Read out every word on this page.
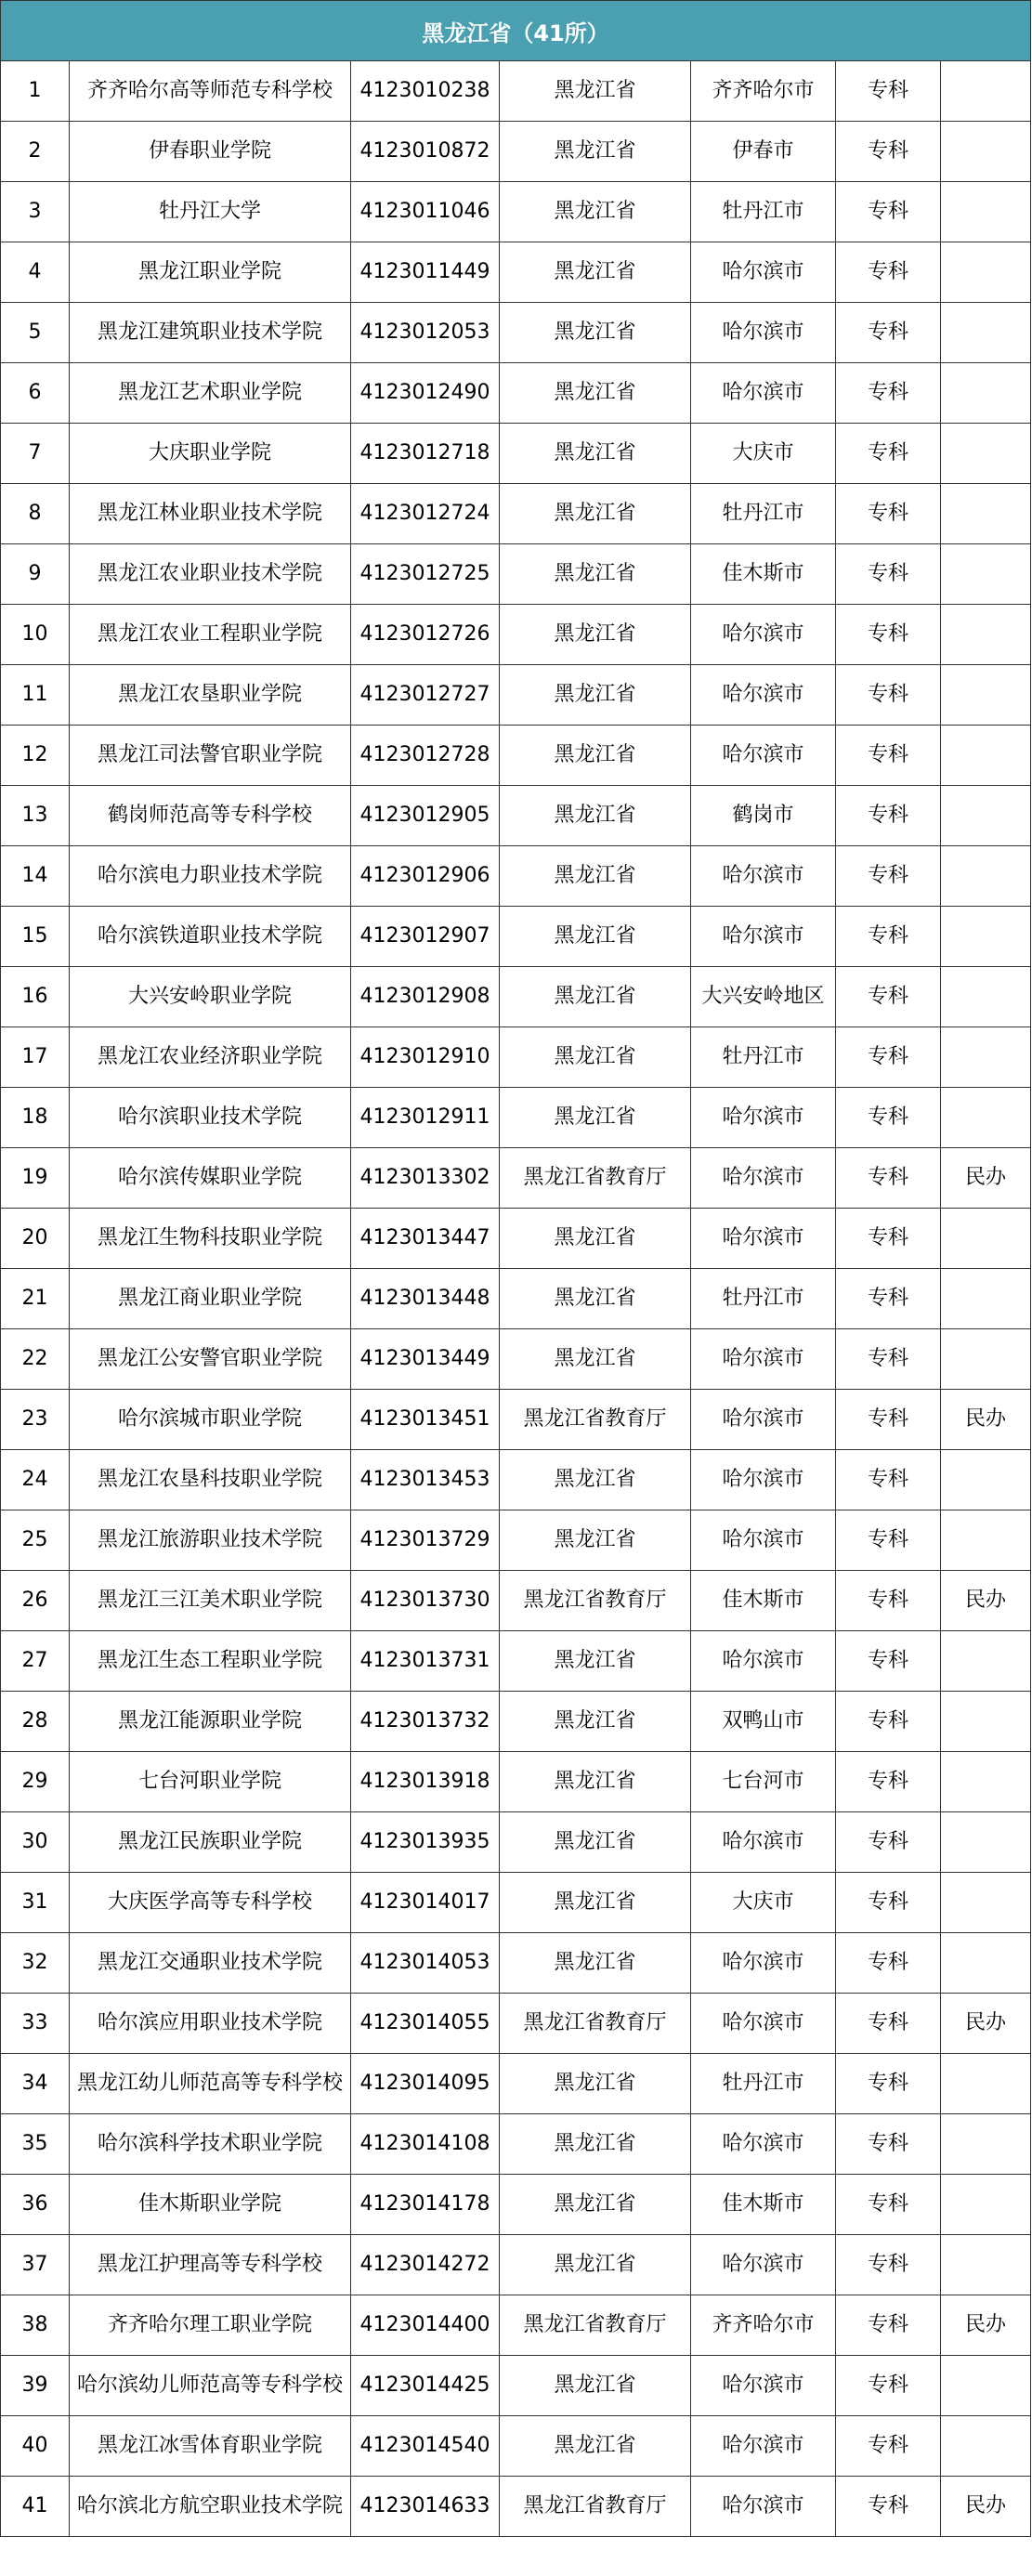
黑龙江省（41所）						
1	齐齐哈尔高等师范专科学校	4123010238	黑龙江省	齐齐哈尔市	专科	
2	伊春职业学院	4123010872	黑龙江省	伊春市	专科	
3	牡丹江大学	4123011046	黑龙江省	牡丹江市	专科	
4	黑龙江职业学院	4123011449	黑龙江省	哈尔滨市	专科	
5	黑龙江建筑职业技术学院	4123012053	黑龙江省	哈尔滨市	专科	
6	黑龙江艺术职业学院	4123012490	黑龙江省	哈尔滨市	专科	
7	大庆职业学院	4123012718	黑龙江省	大庆市	专科	
8	黑龙江林业职业技术学院	4123012724	黑龙江省	牡丹江市	专科	
9	黑龙江农业职业技术学院	4123012725	黑龙江省	佳木斯市	专科	
10	黑龙江农业工程职业学院	4123012726	黑龙江省	哈尔滨市	专科	
11	黑龙江农垦职业学院	4123012727	黑龙江省	哈尔滨市	专科	
12	黑龙江司法警官职业学院	4123012728	黑龙江省	哈尔滨市	专科	
13	鹤岗师范高等专科学校	4123012905	黑龙江省	鹤岗市	专科	
14	哈尔滨电力职业技术学院	4123012906	黑龙江省	哈尔滨市	专科	
15	哈尔滨铁道职业技术学院	4123012907	黑龙江省	哈尔滨市	专科	
16	大兴安岭职业学院	4123012908	黑龙江省	大兴安岭地区	专科	
17	黑龙江农业经济职业学院	4123012910	黑龙江省	牡丹江市	专科	
18	哈尔滨职业技术学院	4123012911	黑龙江省	哈尔滨市	专科	
19	哈尔滨传媒职业学院	4123013302	黑龙江省教育厅	哈尔滨市	专科	民办
20	黑龙江生物科技职业学院	4123013447	黑龙江省	哈尔滨市	专科	
21	黑龙江商业职业学院	4123013448	黑龙江省	牡丹江市	专科	
22	黑龙江公安警官职业学院	4123013449	黑龙江省	哈尔滨市	专科	
23	哈尔滨城市职业学院	4123013451	黑龙江省教育厅	哈尔滨市	专科	民办
24	黑龙江农垦科技职业学院	4123013453	黑龙江省	哈尔滨市	专科	
25	黑龙江旅游职业技术学院	4123013729	黑龙江省	哈尔滨市	专科	
26	黑龙江三江美术职业学院	4123013730	黑龙江省教育厅	佳木斯市	专科	民办
27	黑龙江生态工程职业学院	4123013731	黑龙江省	哈尔滨市	专科	
28	黑龙江能源职业学院	4123013732	黑龙江省	双鸭山市	专科	
29	七台河职业学院	4123013918	黑龙江省	七台河市	专科	
30	黑龙江民族职业学院	4123013935	黑龙江省	哈尔滨市	专科	
31	大庆医学高等专科学校	4123014017	黑龙江省	大庆市	专科	
32	黑龙江交通职业技术学院	4123014053	黑龙江省	哈尔滨市	专科	
33	哈尔滨应用职业技术学院	4123014055	黑龙江省教育厅	哈尔滨市	专科	民办
34	黑龙江幼儿师范高等专科学校	4123014095	黑龙江省	牡丹江市	专科	
35	哈尔滨科学技术职业学院	4123014108	黑龙江省	哈尔滨市	专科	
36	佳木斯职业学院	4123014178	黑龙江省	佳木斯市	专科	
37	黑龙江护理高等专科学校	4123014272	黑龙江省	哈尔滨市	专科	
38	齐齐哈尔理工职业学院	4123014400	黑龙江省教育厅	齐齐哈尔市	专科	民办
39	哈尔滨幼儿师范高等专科学校	4123014425	黑龙江省	哈尔滨市	专科	
40	黑龙江冰雪体育职业学院	4123014540	黑龙江省	哈尔滨市	专科	
41	哈尔滨北方航空职业技术学院	4123014633	黑龙江省教育厅	哈尔滨市	专科	民办
